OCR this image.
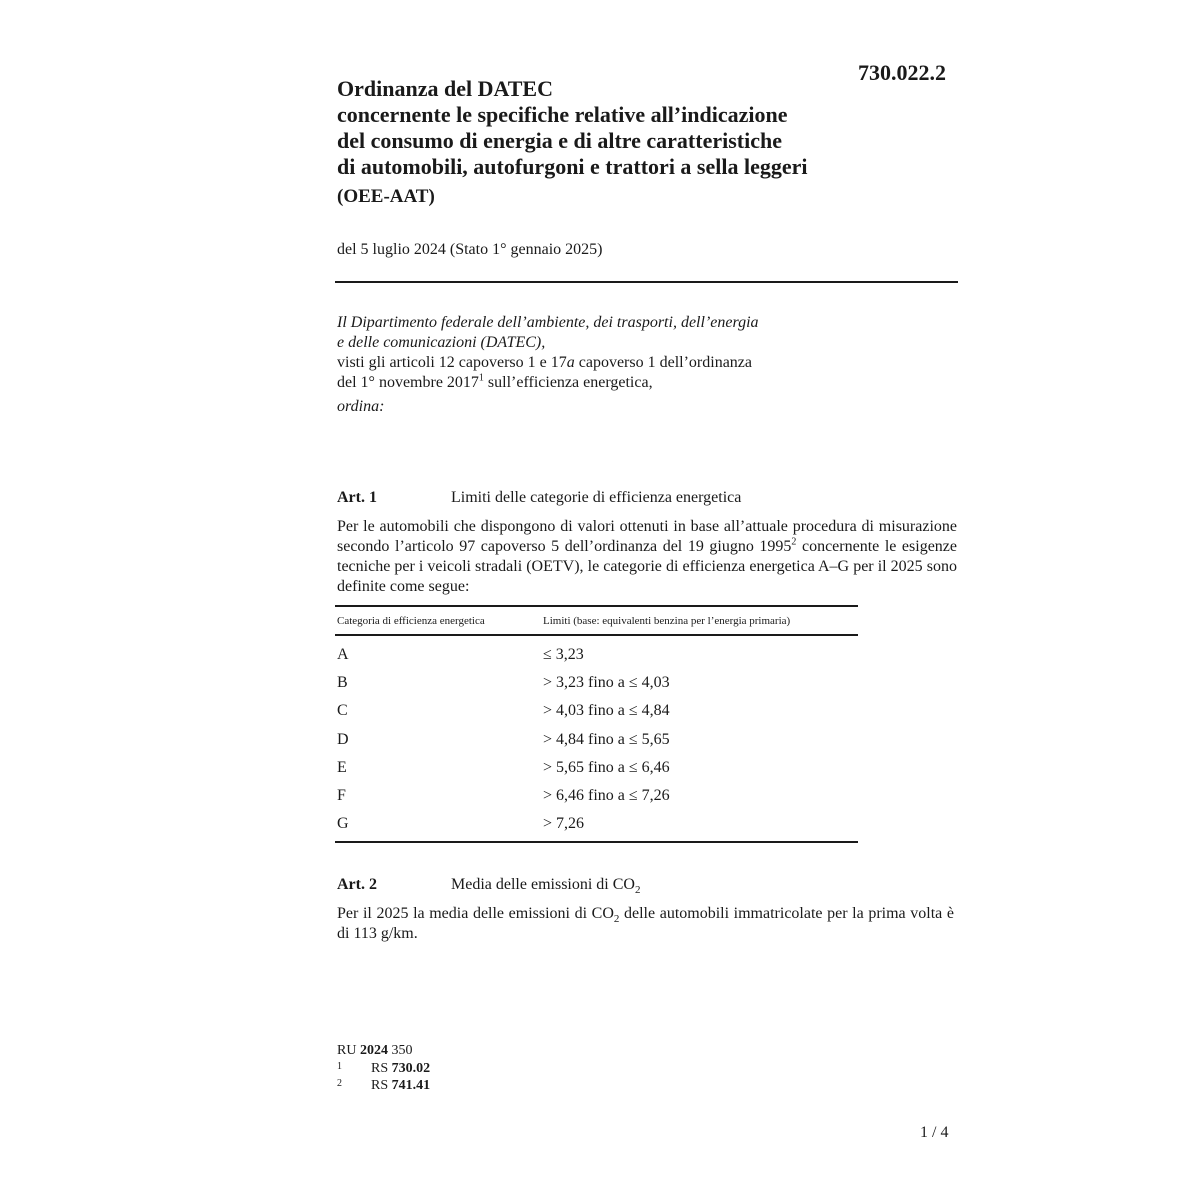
730.022.2
Ordinanza del DATEC
concernente le specifiche relative all’indicazione
del consumo di energia e di altre caratteristiche
di automobili, autofurgoni e trattori a sella leggeri
(OEE-AAT)
del 5 luglio 2024 (Stato 1° gennaio 2025)

Il Dipartimento federale dell’ambiente, dei trasporti, dell’energia

e delle comunicazioni (DATEC),

visti gli articoli 12 capoverso 1 e 17a capoverso 1 dell’ordinanza

del 1° novembre 2017$^1$ sull’efficienza energetica,

ordina:

Art. 1	Limiti delle categorie di efficienza energetica
Per le automobili che dispongono di valori ottenuti in base all’attuale procedura di misurazione secondo l’articolo 97 capoverso 5 dell’ordinanza del 19 giugno 1995$^2$ concernente le esigenze tecniche per i veicoli stradali (OETV), le categorie di efficienza energetica A–G per il 2025 sono definite come segue:
Categoria di efficienza energetica	Limiti (base: equivalenti benzina per l’energia primaria)
A	≤ 3,23
B	> 3,23 fino a ≤ 4,03
C	> 4,03 fino a ≤ 4,84
D	> 4,84 fino a ≤ 5,65
E	> 5,65 fino a ≤ 6,46
F	> 6,46 fino a ≤ 7,26
G	> 7,26
Art. 2	Media delle emissioni di $CO_2$
Per il 2025 la media delle emissioni di $CO_2$ delle automobili immatricolate per la prima volta è di 113 g/km.
RU 2024 350
1 RS 730.02
2 RS 741.41
1 / 4
